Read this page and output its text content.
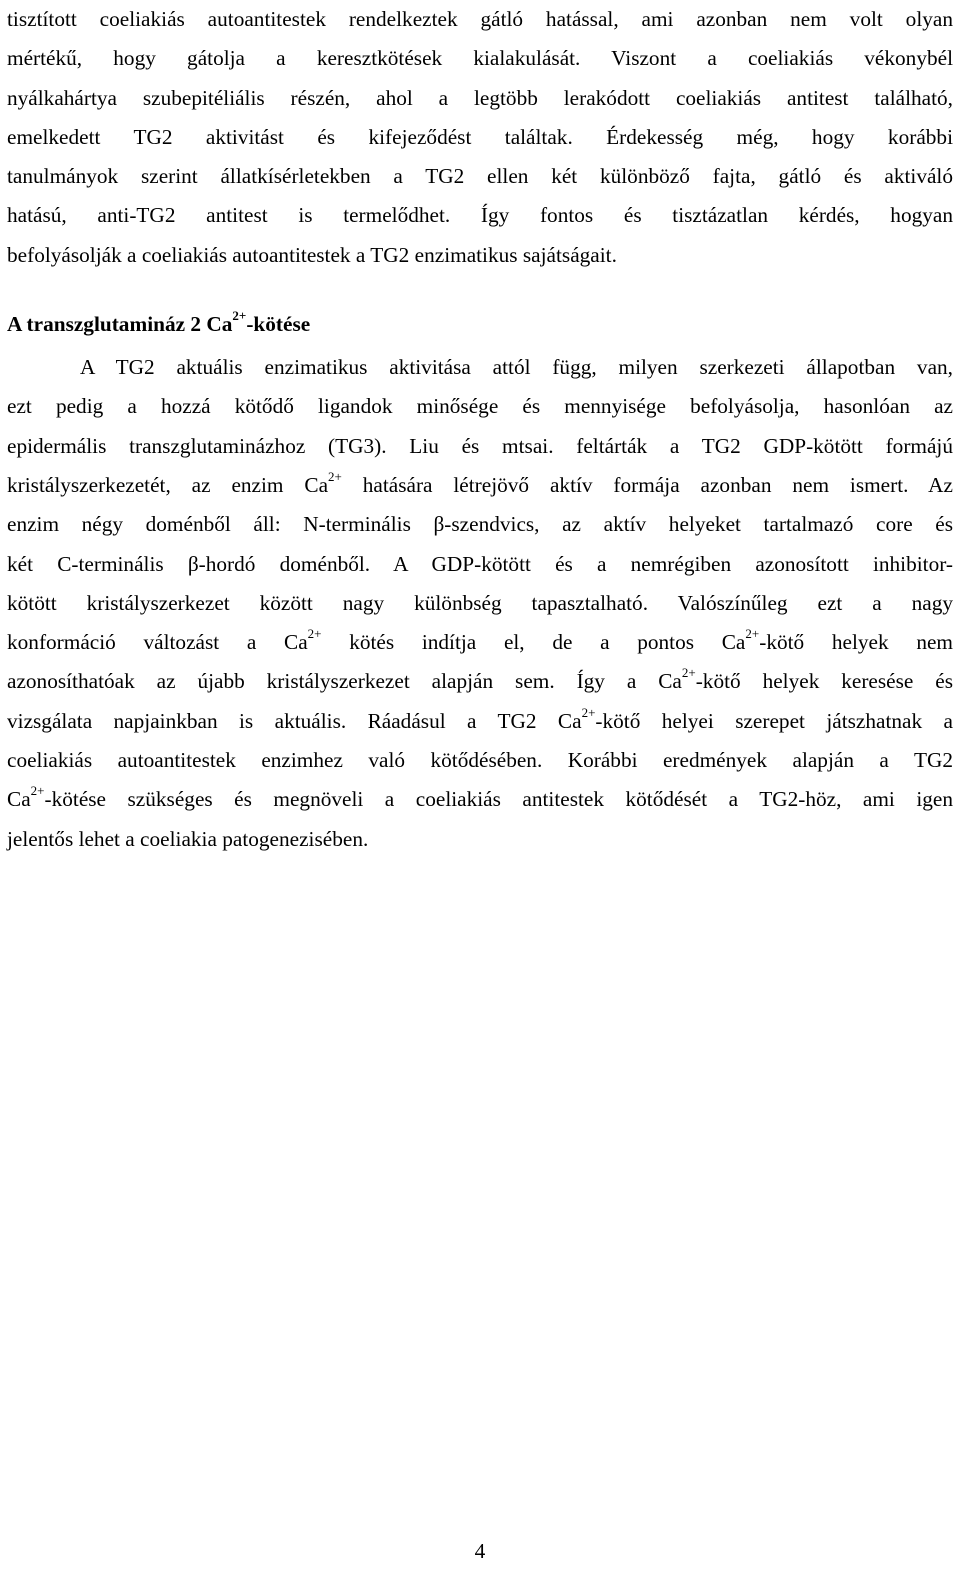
tisztított coeliakiás autoantitestek rendelkeztek gátló hatással, ami azonban nem volt olyan
mértékű, hogy gátolja a keresztkötések kialakulását. Viszont a coeliakiás vékonybél
nyálkahártya szubepitéliális részén, ahol a legtöbb lerakódott coeliakiás antitest található,
emelkedett TG2 aktivitást és kifejeződést találtak. Érdekesség még, hogy korábbi
tanulmányok szerint állatkísérletekben a TG2 ellen két különböző fajta, gátló és aktiváló
hatású, anti-TG2 antitest is termelődhet. Így fontos és tisztázatlan kérdés, hogyan
befolyásolják a coeliakiás autoantitestek a TG2 enzimatikus sajátságait.
A transzglutamináz 2 $Ca^{2+}$-kötése
A TG2 aktuális enzimatikus aktivitása attól függ, milyen szerkezeti állapotban van,
ezt pedig a hozzá kötődő ligandok minősége és mennyisége befolyásolja, hasonlóan az
epidermális transzglutaminázhoz (TG3). Liu és mtsai. feltárták a TG2 GDP-kötött formájú
kristályszerkezetét, az enzim $Ca^{2+}$ hatására létrejövő aktív formája azonban nem ismert. Az
enzim négy doménből áll: N-terminális β-szendvics, az aktív helyeket tartalmazó core és
két C-terminális β-hordó doménből. A GDP-kötött és a nemrégiben azonosított inhibitor-
kötött kristályszerkezet között nagy különbség tapasztalható. Valószínűleg ezt a nagy
konformáció változást a $Ca^{2+}$ kötés indítja el, de a pontos $Ca^{2+}$-kötő helyek nem
azonosíthatóak az újabb kristályszerkezet alapján sem. Így a $Ca^{2+}$-kötő helyek keresése és
vizsgálata napjainkban is aktuális. Ráadásul a TG2 $Ca^{2+}$-kötő helyei szerepet játszhatnak a
coeliakiás autoantitestek enzimhez való kötődésében. Korábbi eredmények alapján a TG2
$Ca^{2+}$-kötése szükséges és megnöveli a coeliakiás antitestek kötődését a TG2-höz, ami igen
jelentős lehet a coeliakia patogenezisében.
4
